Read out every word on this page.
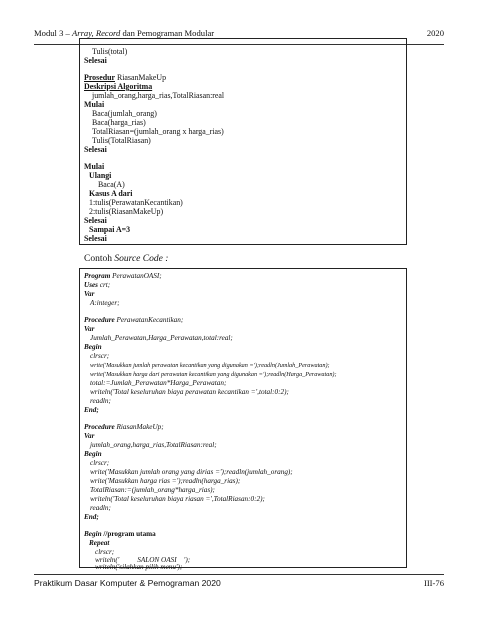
Modul 3 – Array, Record dan Pemograman Modular	2020
Tulis(total)
Selesai
Prosedur RiasanMakeUp
Deskripsi Algoritma
jumlah_orang,harga_rias,TotalRiasan:real
Mulai
Baca(jumlah_orang)
Baca(harga_rias)
TotalRiasan=(jumlah_orang x harga_rias)
Tulis(TotalRiasan)
Selesai
Mulai
Ulangi
Baca(A)
Kasus A dari
1:tulis(PerawatanKecantikan)
2:tulis(RiasanMakeUp)
Selesai
Sampai A=3
Selesai
Contoh Source Code :
Program PerawatanOASI;
Uses crt;
Var
A:integer;
Procedure PerawatanKecantikan;
Var
Jumlah_Perawatan,Harga_Perawatan,total:real;
Begin
clrscr;
write('Masukkan jumlah perawatan kecantikan yang digunakan =');readln(Jumlah_Perawatan);
write('Masukkan harga dari perawatan kecantikan yang digunakan =');readln(Harga_Perawatan);
total:=Jumlah_Perawatan*Harga_Perawatan;
writeln('Total keseluruhan biaya perawatan kecantikan =',total:0:2);
readln;
End;
Procedure RiasanMakeUp;
Var
jumlah_orang,harga_rias,TotalRiasan:real;
Begin
clrscr;
write('Masukkan jumlah orang yang dirias =');readln(jumlah_orang);
write('Masukkan harga rias =');readln(harga_rias);
TotalRiasan:=(jumlah_orang*harga_rias);
writeln('Total keseluruhan biaya riasan =',TotalRiasan:0:2);
readln;
End;
Begin //program utama
Repeat
clrscr;
writeln('          SALON OASI    ');
writeln('silahkan pilih menu');
Praktikum Dasar Komputer & Pemograman 2020	III-76
